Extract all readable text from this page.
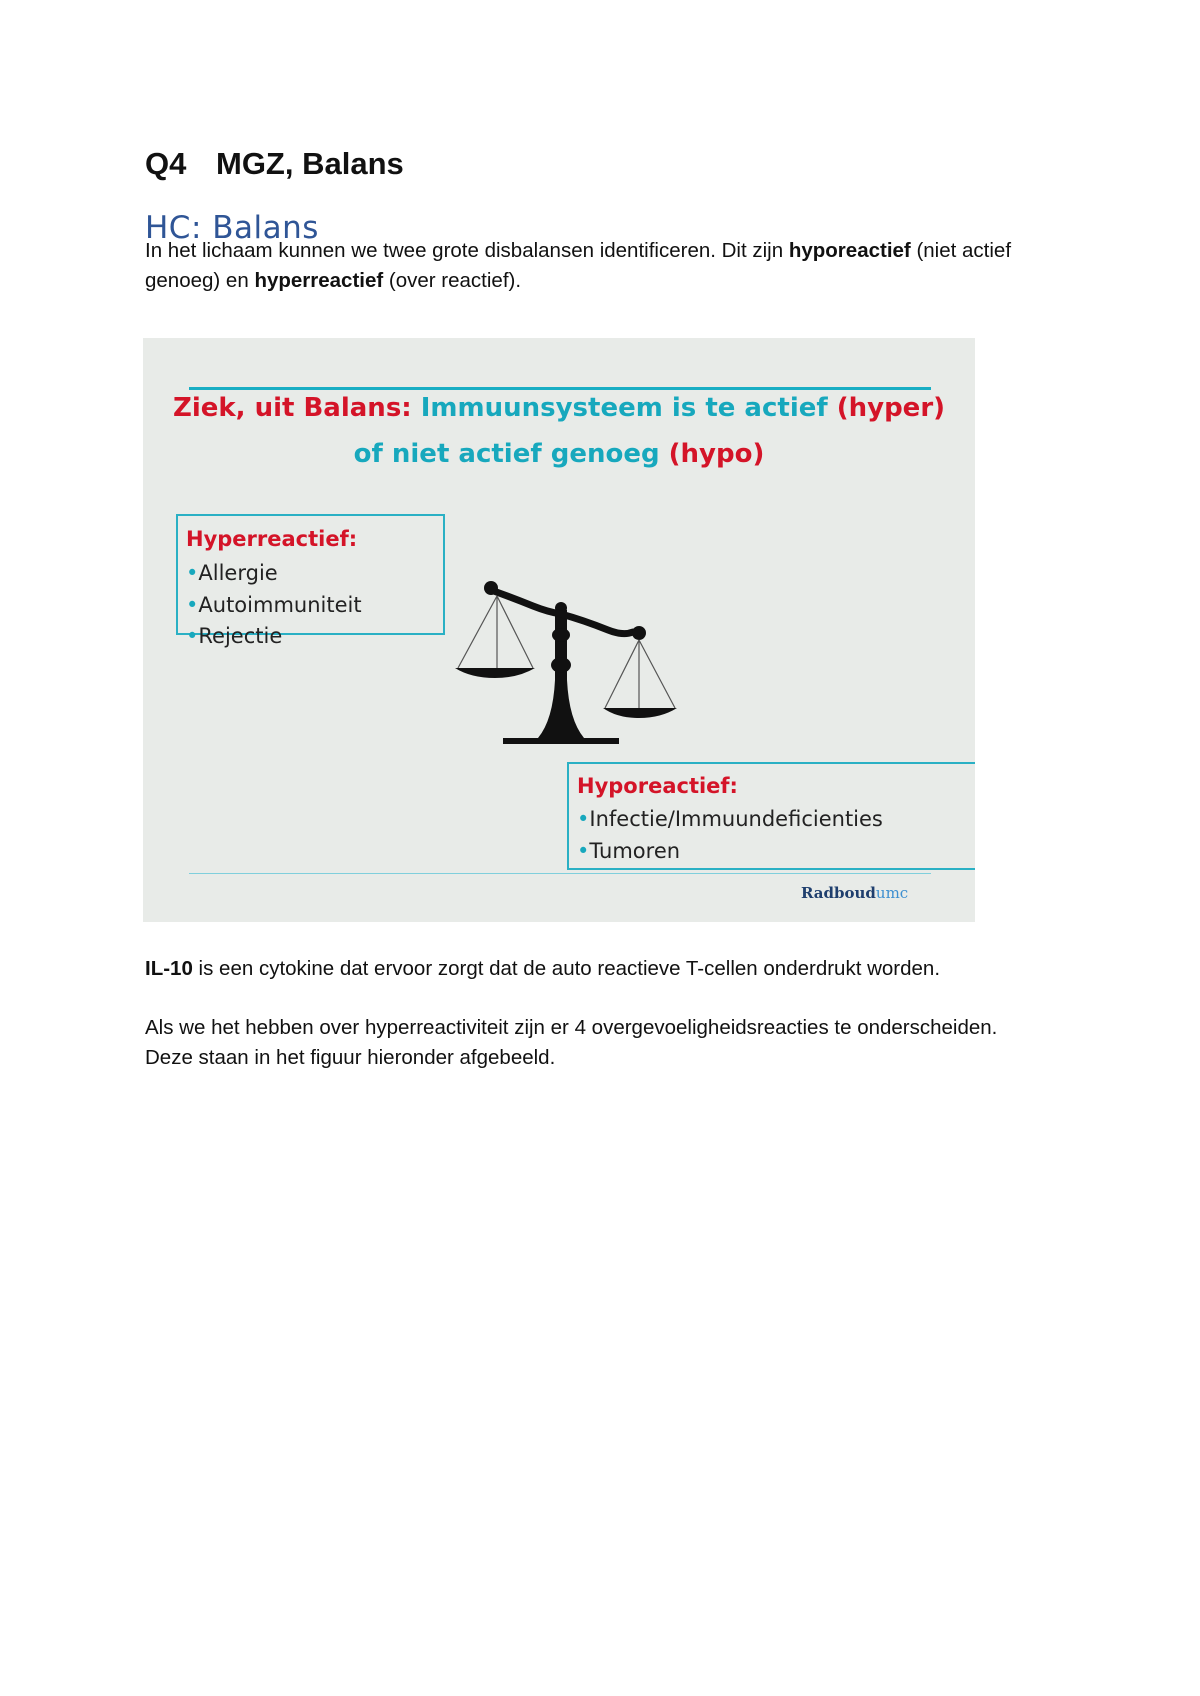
Q4 MGZ, Balans
HC: Balans

In het lichaam kunnen we twee grote disbalansen identificeren. Dit zijn hyporeactief (niet actief genoeg) en hyperreactief (over reactief).

Ziek, uit Balans: Immuunsysteem is te actief (hyper)
of niet actief genoeg (hypo)
Hyperreactief:
•Allergie
•Autoimmuniteit
•Rejectie
Hyporeactief:
•Infectie/Immuundeficienties
•Tumoren
Radboudumc

IL-10 is een cytokine dat ervoor zorgt dat de auto reactieve T-cellen onderdrukt worden.

Als we het hebben over hyperreactiviteit zijn er 4 overgevoeligheidsreacties te onderscheiden. Deze staan in het figuur hieronder afgebeeld.
